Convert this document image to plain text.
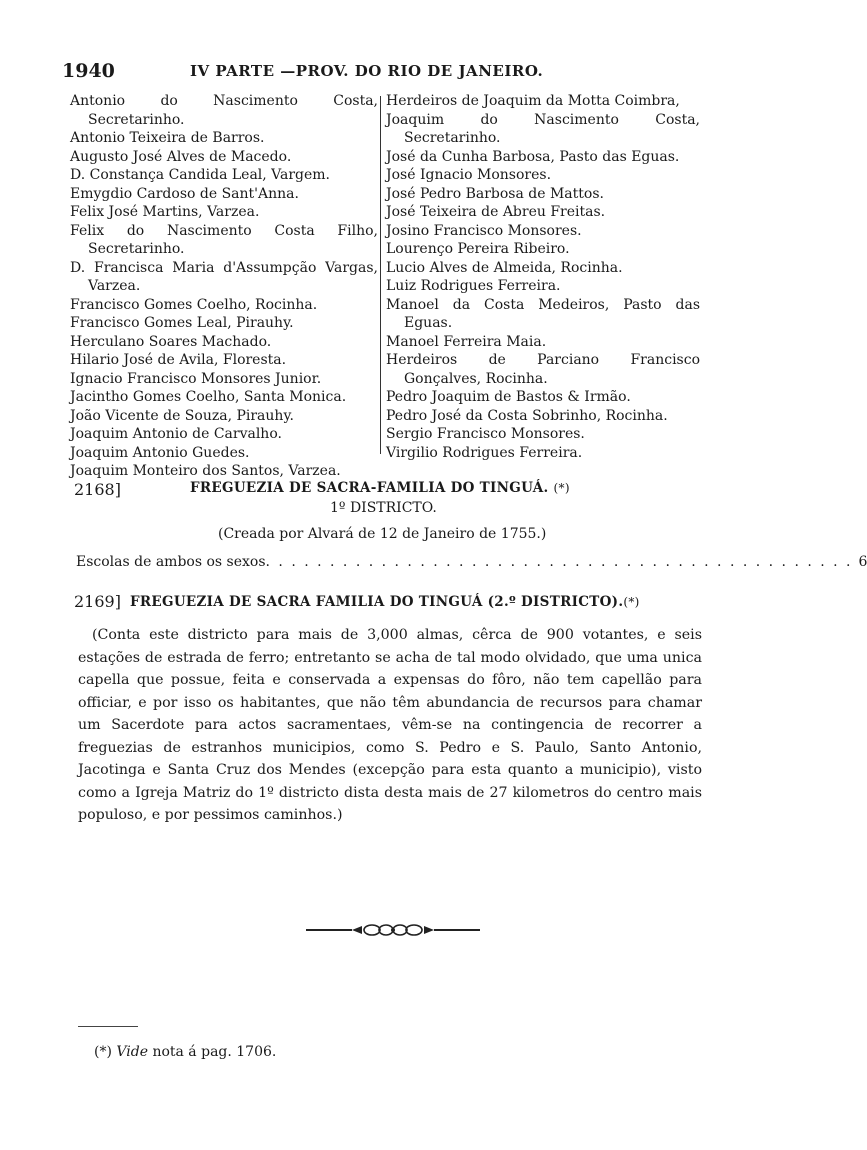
1940	IV PARTE —PROV. DO RIO DE JANEIRO.
Antonio do Nascimento Costa, Secretarinho.
Antonio Teixeira de Barros.
Augusto José Alves de Macedo.
D. Constança Candida Leal, Vargem.
Emygdio Cardoso de Sant'Anna.
Felix José Martins, Varzea.
Felix do Nascimento Costa Filho, Secretarinho.
D. Francisca Maria d'Assumpção Vargas, Varzea.
Francisco Gomes Coelho, Rocinha.
Francisco Gomes Leal, Pirauhy.
Herculano Soares Machado.
Hilario José de Avila, Floresta.
Ignacio Francisco Monsores Junior.
Jacintho Gomes Coelho, Santa Monica.
João Vicente de Souza, Pirauhy.
Joaquim Antonio de Carvalho.
Joaquim Antonio Guedes.
Joaquim Monteiro dos Santos, Varzea.
Herdeiros de Joaquim da Motta Coimbra,
Joaquim do Nascimento Costa, Secretarinho.
José da Cunha Barbosa, Pasto das Eguas.
José Ignacio Monsores.
José Pedro Barbosa de Mattos.
José Teixeira de Abreu Freitas.
Josino Francisco Monsores.
Lourenço Pereira Ribeiro.
Lucio Alves de Almeida, Rocinha.
Luiz Rodrigues Ferreira.
Manoel da Costa Medeiros, Pasto das Eguas.
Manoel Ferreira Maia.
Herdeiros de Parciano Francisco Gonçalves, Rocinha.
Pedro Joaquim de Bastos & Irmão.
Pedro José da Costa Sobrinho, Rocinha.
Sergio Francisco Monsores.
Virgilio Rodrigues Ferreira.
2168]	FREGUEZIA DE SACRA-FAMILIA DO TINGUÁ. (*)
1º DISTRICTO.
(Creada por Alvará de 12 de Janeiro de 1755.)
Escolas de ambos os sexos . . . . . . . . . . . . . . . . . . . . . . . . . . . . . . . . . . . . . . . . . . . . . . 6
2169] FREGUEZIA DE SACRA FAMILIA DO TINGUÁ (2.º DISTRICTO).(*)
(Conta este districto para mais de 3,000 almas, cêrca de 900 votantes, e seis estações de estrada de ferro; entretanto se acha de tal modo olvidado, que uma unica capella que possue, feita e conservada a expensas do fôro, não tem capellão para officiar, e por isso os habitantes, que não têm abundancia de recursos para chamar um Sacerdote para actos sacramentaes, vêm-se na contingencia de recorrer a freguezias de estranhos municipios, como S. Pedro e S. Paulo, Santo Antonio, Jacotinga e Santa Cruz dos Mendes (excepção para esta quanto a municipio), visto como a Igreja Matriz do 1º districto dista desta mais de 27 kilometros do centro mais populoso, e por pessimos caminhos.)
(*) Vide nota á pag. 1706.
